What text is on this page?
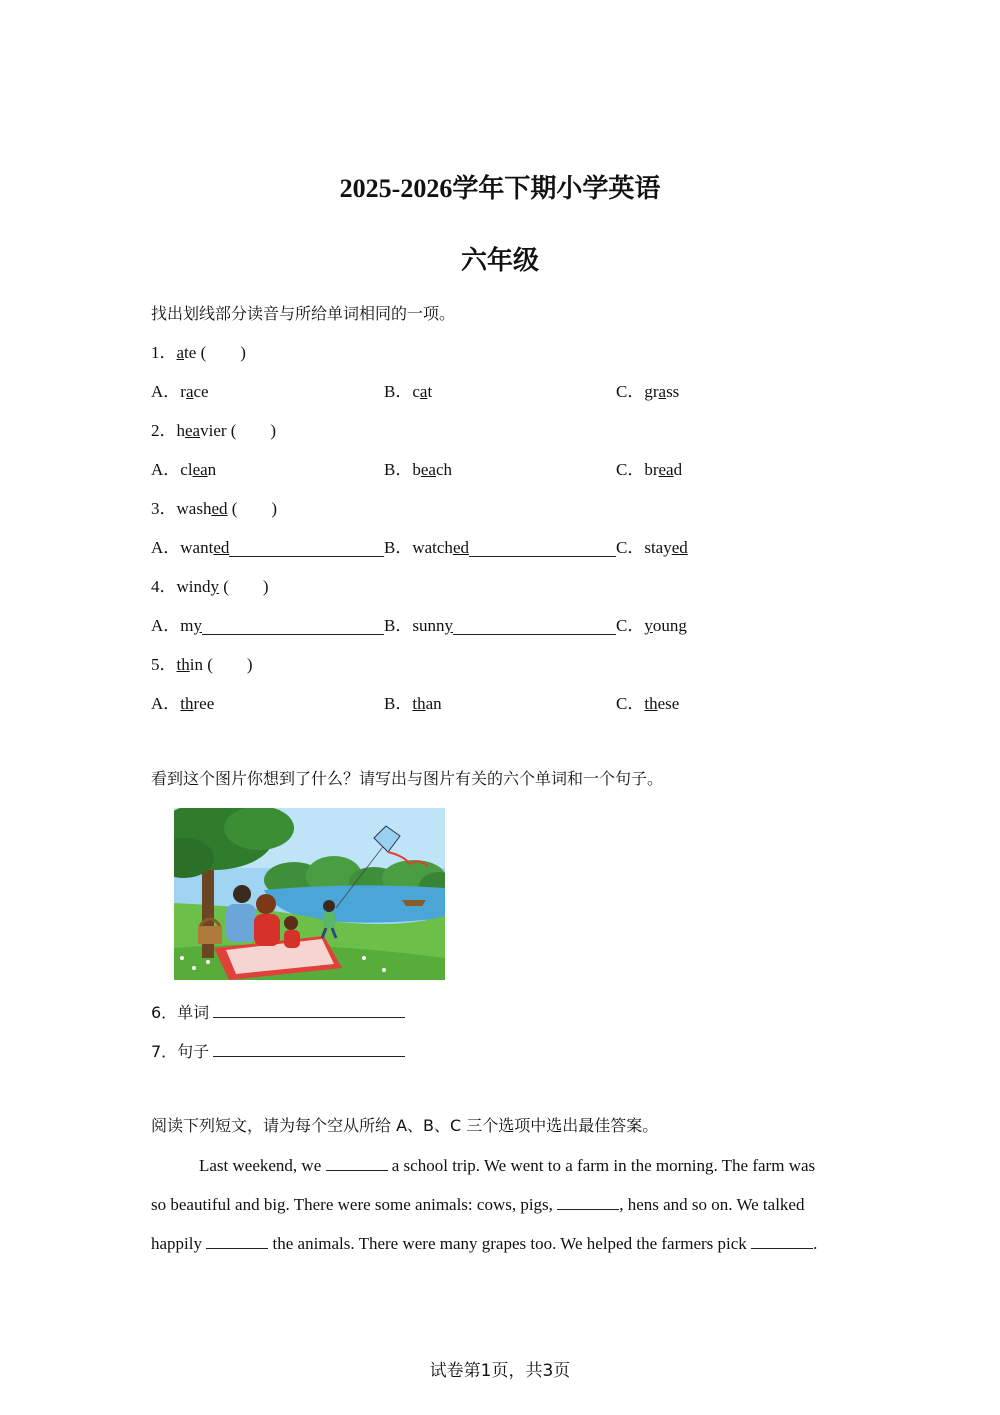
2025-2026学年下期小学英语
六年级
找出划线部分读音与所给单词相同的一项。
1．ate (　　)
A．race	B．cat	C．grass
2．heavier (　　)
A．clean	B．beach	C．bread
3．washed (　　)
A．wanted	B．watched	C．stayed
4．windy (　　)
A．my	B．sunny	C．young
5．thin (　　)
A．three	B．than	C．these
看到这个图片你想到了什么？请写出与图片有关的六个单词和一个句子。
6．单词
7．句子
阅读下列短文，请为每个空从所给 A、B、C 三个选项中选出最佳答案。
Last weekend, we	a school trip. We went to a farm in the morning. The farm was
so beautiful and big. There were some animals: cows, pigs,	, hens and so on. We talked
happily	the animals. There were many grapes too. We helped the farmers pick	.
试卷第1页，共3页
